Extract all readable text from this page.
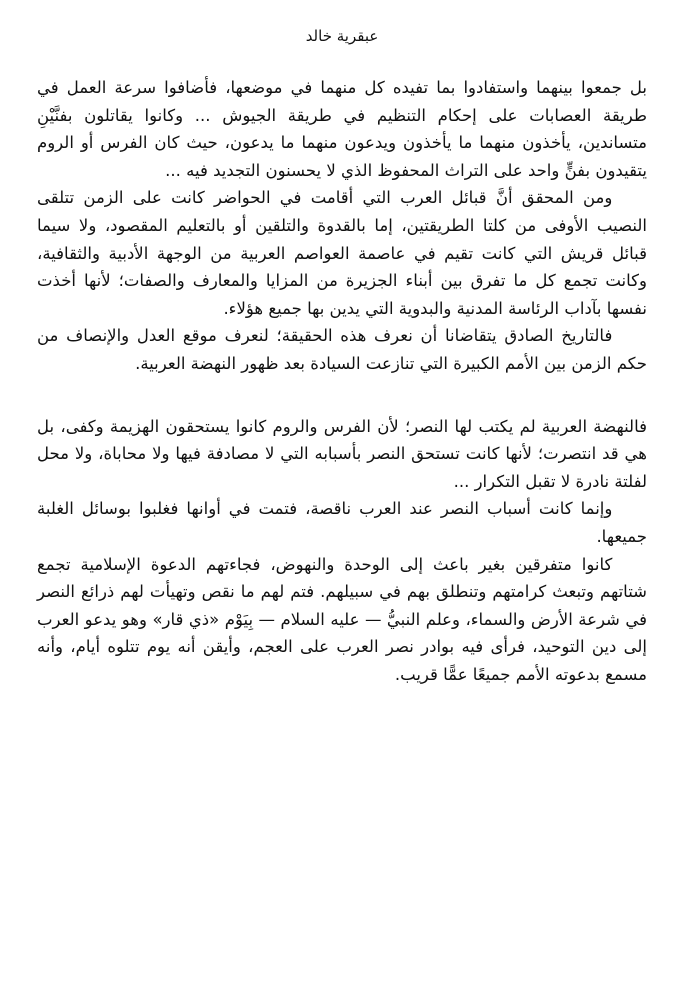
عبقرية خالد

بل جمعوا بينهما واستفادوا بما تفيده كل منهما في موضعها، فأضافوا سرعة العمل في طريقة العصابات على إحكام التنظيم في طريقة الجيوش ... وكانوا يقاتلون بفنَّيْنِ متساندين، يأخذون منهما ما يأخذون ويدعون منهما ما يدعون، حيث كان الفرس أو الروم يتقيدون بفنٍّ واحد على التراث المحفوظ الذي لا يحسنون التجديد فيه ...

ومن المحقق أنَّ قبائل العرب التي أقامت في الحواضر كانت على الزمن تتلقى النصيب الأوفى من كلتا الطريقتين، إما بالقدوة والتلقين أو بالتعليم المقصود، ولا سيما قبائل قريش التي كانت تقيم في عاصمة العواصم العربية من الوجهة الأدبية والثقافية، وكانت تجمع كل ما تفرق بين أبناء الجزيرة من المزايا والمعارف والصفات؛ لأنها أخذت نفسها بآداب الرئاسة المدنية والبدوية التي يدين بها جميع هؤلاء.

فالتاريخ الصادق يتقاضانا أن نعرف هذه الحقيقة؛ لنعرف موقع العدل والإنصاف من حكم الزمن بين الأمم الكبيرة التي تنازعت السيادة بعد ظهور النهضة العربية.

فالنهضة العربية لم يكتب لها النصر؛ لأن الفرس والروم كانوا يستحقون الهزيمة وكفى، بل هي قد انتصرت؛ لأنها كانت تستحق النصر بأسبابه التي لا مصادفة فيها ولا محاباة، ولا محل لفلتة نادرة لا تقبل التكرار ...

وإنما كانت أسباب النصر عند العرب ناقصة، فتمت في أوانها فغلبوا بوسائل الغلبة جميعها.

كانوا متفرقين بغير باعث إلى الوحدة والنهوض، فجاءتهم الدعوة الإسلامية تجمع شتاتهم وتبعث كرامتهم وتنطلق بهم في سبيلهم. فتم لهم ما نقص وتهيأت لهم ذرائع النصر في شرعة الأرض والسماء، وعلم النبيُّ — عليه السلام — بِيَوْم «ذي قار» وهو يدعو العرب إلى دين التوحيد، فرأى فيه بوادر نصر العرب على العجم، وأيقن أنه يوم تتلوه أيام، وأنه مسمع بدعوته الأمم جميعًا عمًّا قريب.
